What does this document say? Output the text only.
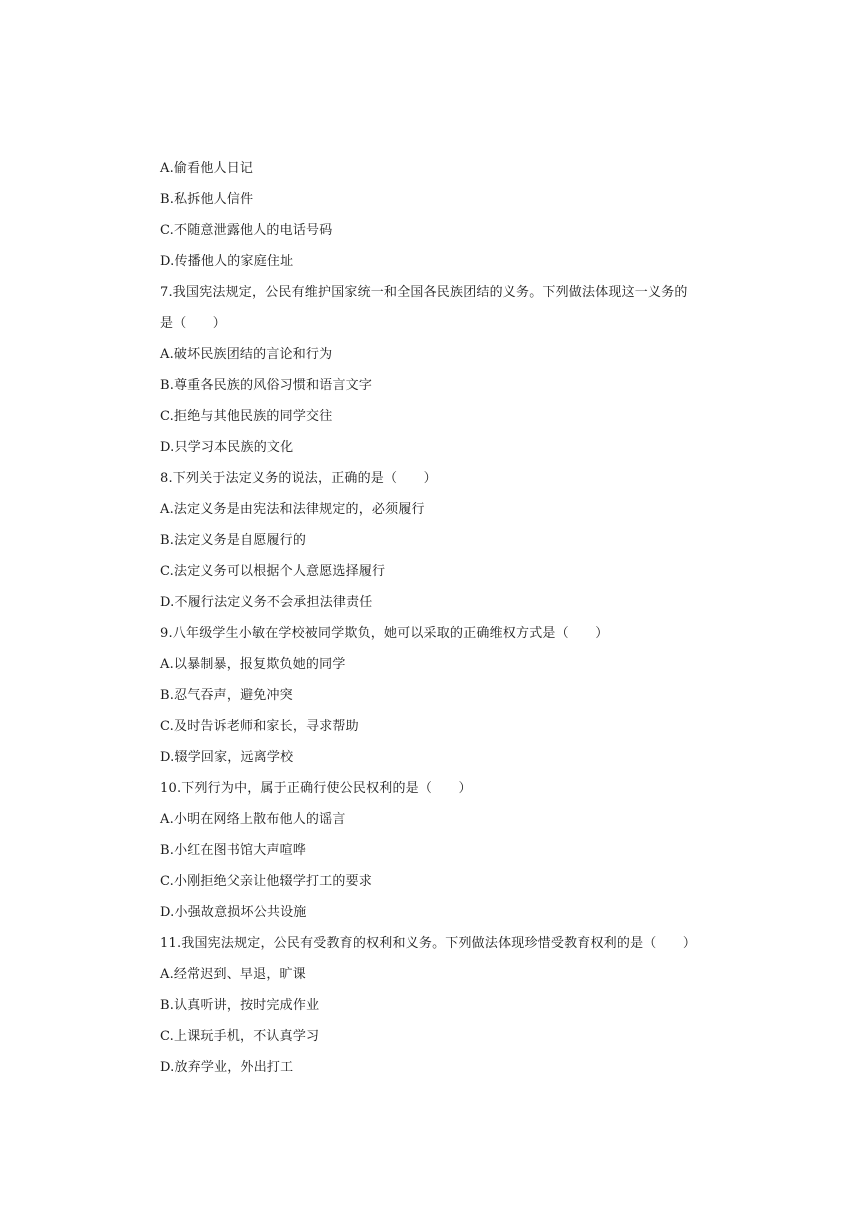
A.偷看他人日记
B.私拆他人信件
C.不随意泄露他人的电话号码
D.传播他人的家庭住址
7.我国宪法规定，公民有维护国家统一和全国各民族团结的义务。下列做法体现这一义务的
是（　　）
A.破坏民族团结的言论和行为
B.尊重各民族的风俗习惯和语言文字
C.拒绝与其他民族的同学交往
D.只学习本民族的文化
8.下列关于法定义务的说法，正确的是（　　）
A.法定义务是由宪法和法律规定的，必须履行
B.法定义务是自愿履行的
C.法定义务可以根据个人意愿选择履行
D.不履行法定义务不会承担法律责任
9.八年级学生小敏在学校被同学欺负，她可以采取的正确维权方式是（　　）
A.以暴制暴，报复欺负她的同学
B.忍气吞声，避免冲突
C.及时告诉老师和家长，寻求帮助
D.辍学回家，远离学校
10.下列行为中，属于正确行使公民权利的是（　　）
A.小明在网络上散布他人的谣言
B.小红在图书馆大声喧哗
C.小刚拒绝父亲让他辍学打工的要求
D.小强故意损坏公共设施
11.我国宪法规定，公民有受教育的权利和义务。下列做法体现珍惜受教育权利的是（　　）
A.经常迟到、早退，旷课
B.认真听讲，按时完成作业
C.上课玩手机，不认真学习
D.放弃学业，外出打工
